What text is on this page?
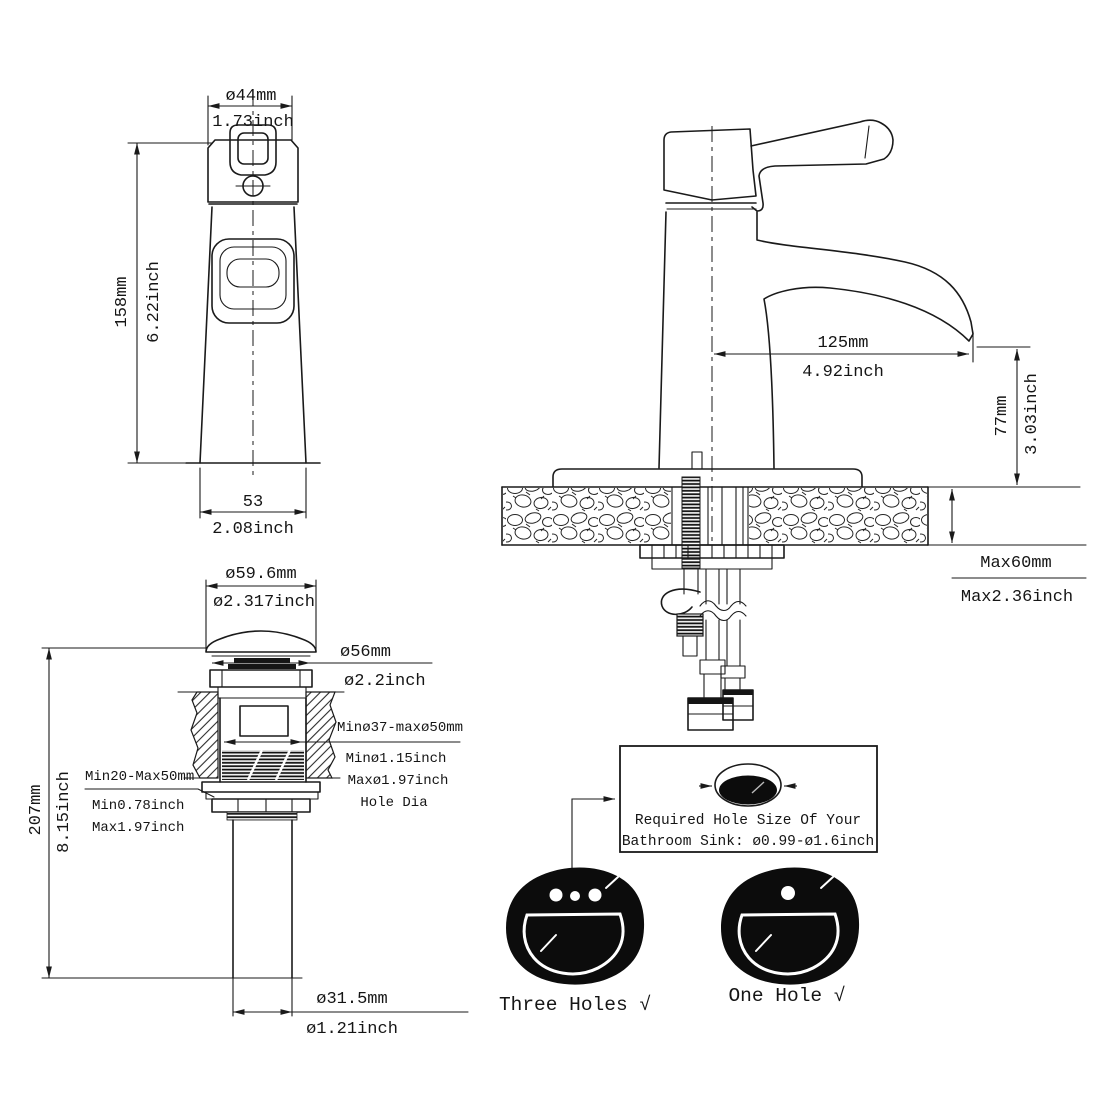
ø44mm
1.73inch
158mm 6.22inch
53
2.08inch
125mm
4.92inch
77mm 3.03inch
Max60mm
Max2.36inch
ø59.6mm
ø2.317inch
ø56mm
ø2.2inch
Minø37-maxø50mm
Minø1.15inch
Maxø1.97inch
Hole Dia
Min20-Max50mm
Min0.78inch
Max1.97inch
207mm 8.15inch
ø31.5mm
ø1.21inch
Required Hole Size Of Your
Bathroom Sink: ø0.99-ø1.6inch
Three Holes √	One Hole √
